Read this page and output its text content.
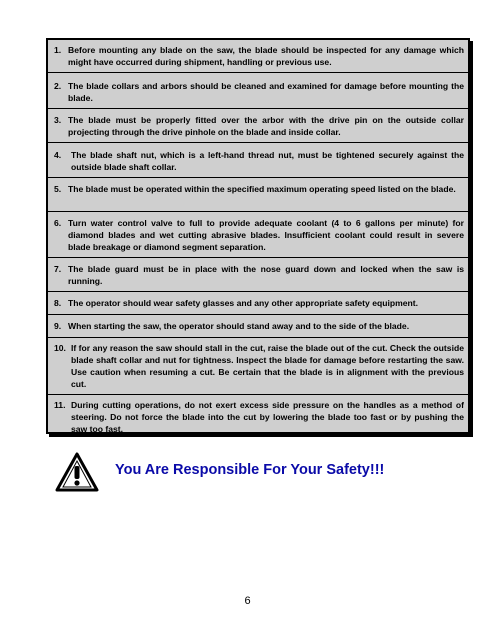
1. Before mounting any blade on the saw, the blade should be inspected for any damage which might have occurred during shipment, handling or previous use.
2. The blade collars and arbors should be cleaned and examined for damage before mounting the blade.
3. The blade must be properly fitted over the arbor with the drive pin on the outside collar projecting through the drive pinhole on the blade and inside collar.
4. The blade shaft nut, which is a left-hand thread nut, must be tightened securely against the outside blade shaft collar.
5. The blade must be operated within the specified maximum operating speed listed on the blade.
6. Turn water control valve to full to provide adequate coolant (4 to 6 gallons per minute) for diamond blades and wet cutting abrasive blades. Insufficient coolant could result in severe blade breakage or diamond segment separation.
7. The blade guard must be in place with the nose guard down and locked when the saw is running.
8. The operator should wear safety glasses and any other appropriate safety equipment.
9. When starting the saw, the operator should stand away and to the side of the blade.
10. If for any reason the saw should stall in the cut, raise the blade out of the cut. Check the outside blade shaft collar and nut for tightness. Inspect the blade for damage before restarting the saw. Use caution when resuming a cut. Be certain that the blade is in alignment with the previous cut.
11. During cutting operations, do not exert excess side pressure on the handles as a method of steering. Do not force the blade into the cut by lowering the blade too fast or by pushing the saw too fast.
You Are Responsible For Your Safety!!!
6
